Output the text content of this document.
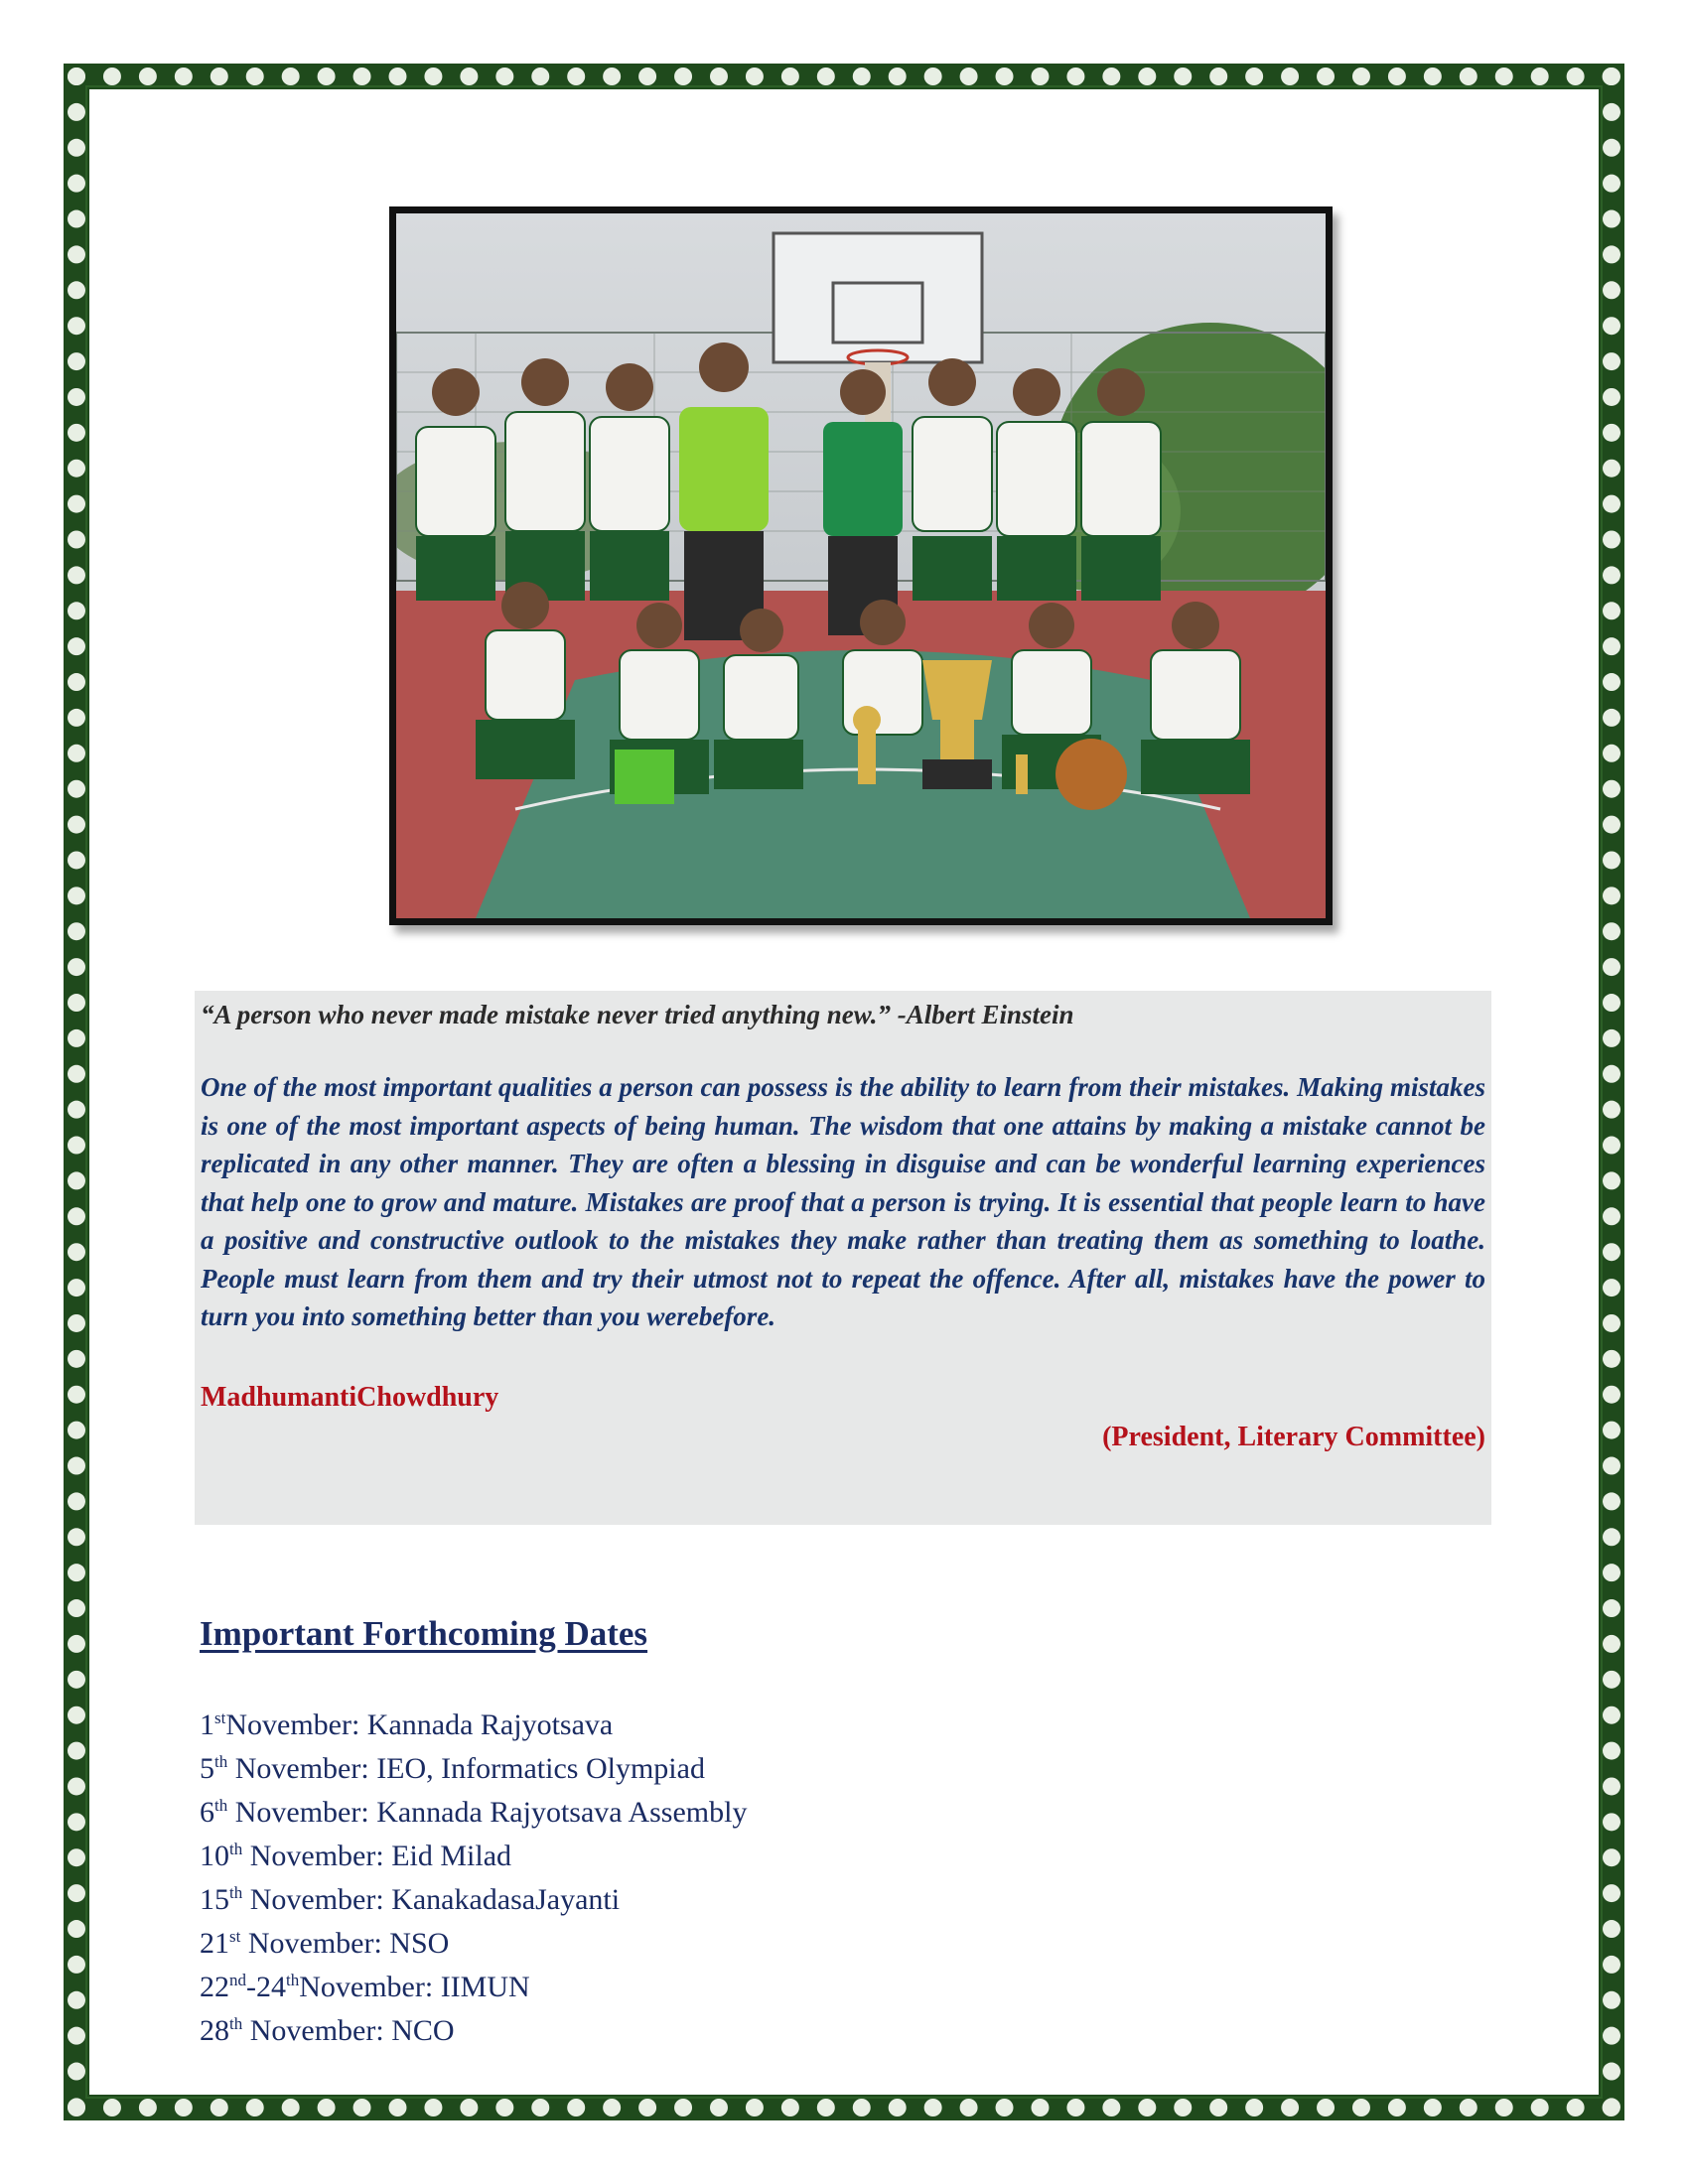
“A person who never made mistake never tried anything new.” -Albert Einstein

One of the most important qualities a person can possess is the ability to learn from their mistakes. Making mistakes is one of the most important aspects of being human. The wisdom that one attains by making a mistake cannot be replicated in any other manner. They are often a blessing in disguise and can be wonderful learning experiences that help one to grow and mature. Mistakes are proof that a person is trying. It is essential that people learn to have a positive and constructive outlook to the mistakes they make rather than treating them as something to loathe. People must learn from them and try their utmost not to repeat the offence. After all, mistakes have the power to turn you into something better than you werebefore.

MadhumantiChowdhury

(President, Literary Committee)

Important Forthcoming Dates
1stNovember: Kannada Rajyotsava
5th November: IEO, Informatics Olympiad
6th November: Kannada Rajyotsava Assembly
10th November: Eid Milad
15th November: KanakadasaJayanti
21st November: NSO
22nd-24thNovember: IIMUN
28th November: NCO
